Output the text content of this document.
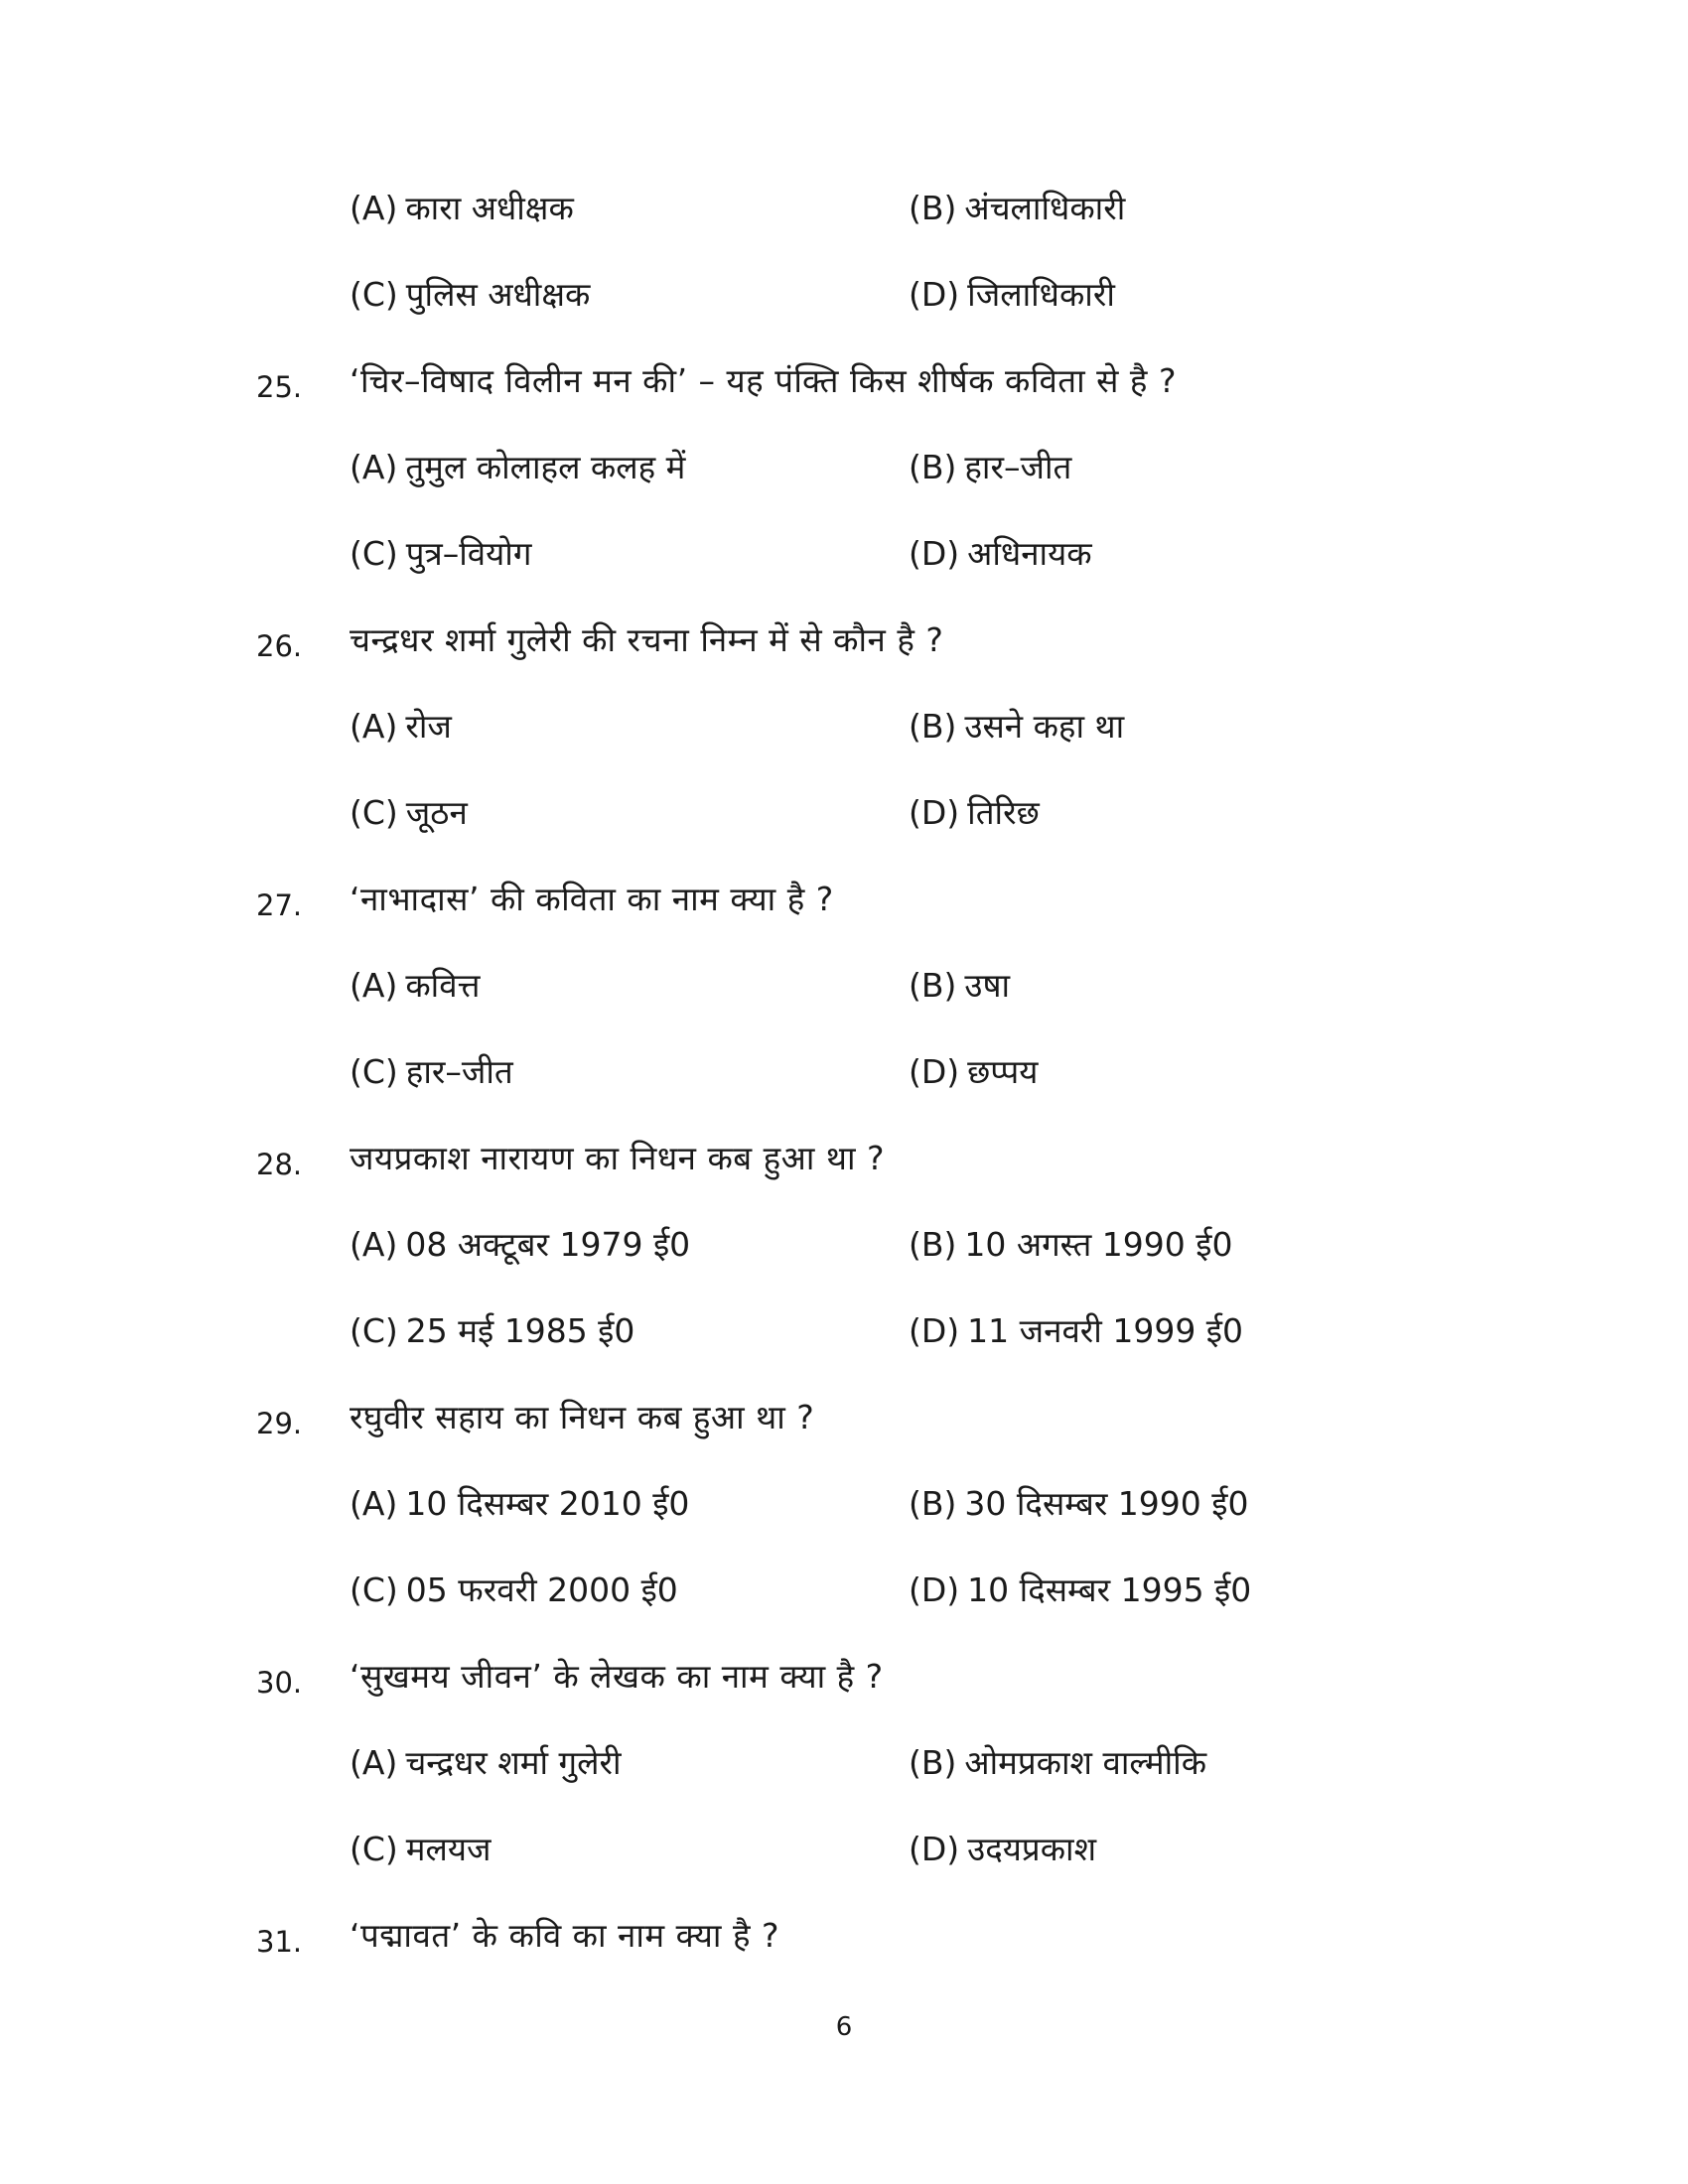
(A) कारा अधीक्षक	(B) अंचलाधिकारी
(C) पुलिस अधीक्षक	(D) जिलाधिकारी
25. ‘चिर–विषाद विलीन मन की’ – यह पंक्ति किस शीर्षक कविता से है ?
(A) तुमुल कोलाहल कलह में	(B) हार–जीत
(C) पुत्र–वियोग	(D) अधिनायक
26. चन्द्रधर शर्मा गुलेरी की रचना निम्न में से कौन है ?
(A) रोज	(B) उसने कहा था
(C) जूठन	(D) तिरिछ
27. ‘नाभादास’ की कविता का नाम क्या है ?
(A) कवित्त	(B) उषा
(C) हार–जीत	(D) छप्पय
28. जयप्रकाश नारायण का निधन कब हुआ था ?
(A) 08 अक्टूबर 1979 ई0	(B) 10 अगस्त 1990 ई0
(C) 25 मई 1985 ई0	(D) 11 जनवरी 1999 ई0
29. रघुवीर सहाय का निधन कब हुआ था ?
(A) 10 दिसम्बर 2010 ई0	(B) 30 दिसम्बर 1990 ई0
(C) 05 फरवरी 2000 ई0	(D) 10 दिसम्बर 1995 ई0
30. ‘सुखमय जीवन’ के लेखक का नाम क्या है ?
(A) चन्द्रधर शर्मा गुलेरी	(B) ओमप्रकाश वाल्मीकि
(C) मलयज	(D) उदयप्रकाश
31. ‘पद्मावत’ के कवि का नाम क्या है ?
6
